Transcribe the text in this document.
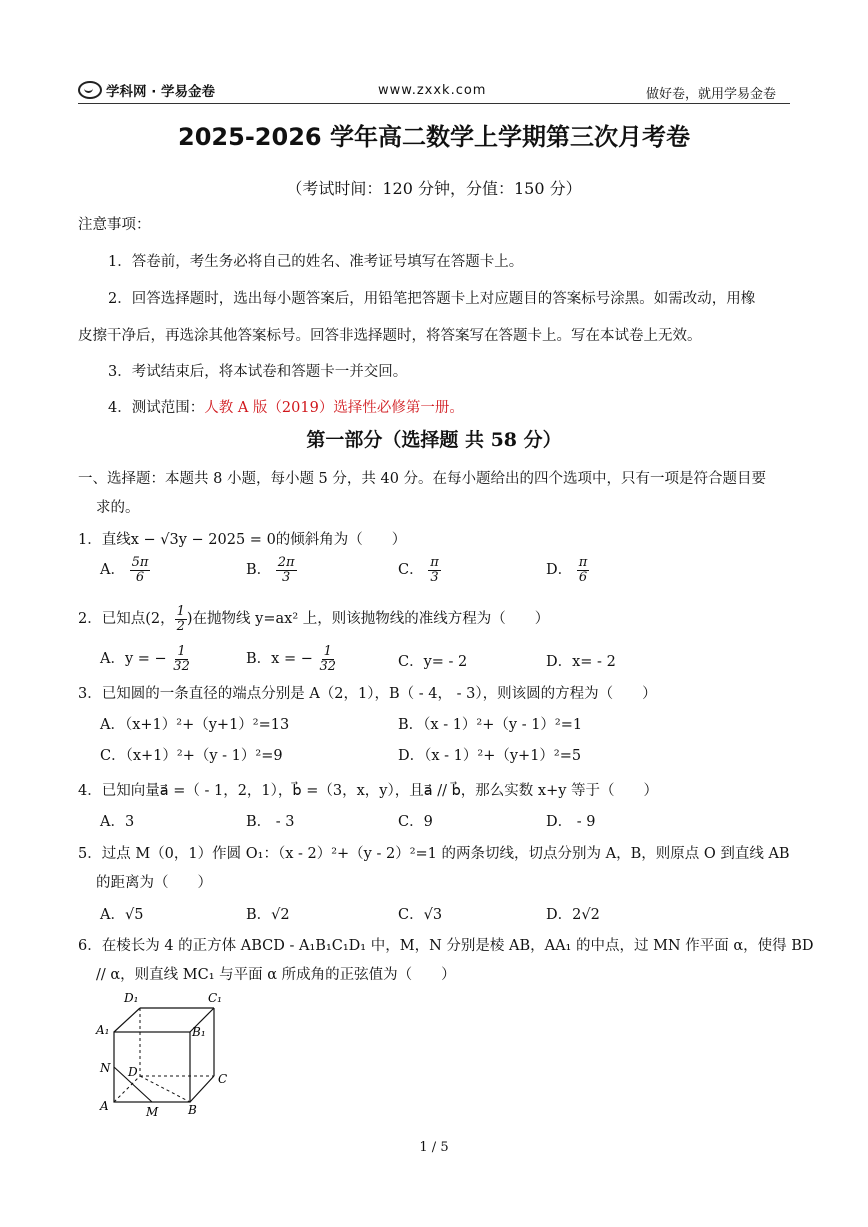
学科网 · 学易金卷	www.zxxk.com	做好卷，就用学易金卷
2025-2026 学年高二数学上学期第三次月考卷
（考试时间：120 分钟，分值：150 分）
注意事项：
1．答卷前，考生务必将自己的姓名、准考证号填写在答题卡上。
2．回答选择题时，选出每小题答案后，用铅笔把答题卡上对应题目的答案标号涂黑。如需改动，用橡
皮擦干净后，再选涂其他答案标号。回答非选择题时，将答案写在答题卡上。写在本试卷上无效。
3．考试结束后，将本试卷和答题卡一并交回。
4．测试范围：人教 A 版（2019）选择性必修第一册。
第一部分（选择题 共 58 分）
一、选择题：本题共 8 小题，每小题 5 分，共 40 分。在每小题给出的四个选项中，只有一项是符合题目要
求的。
1．直线x − √3y − 2025 = 0的倾斜角为（　　）
A． $\frac{5\pi}{6}$	B． $\frac{2\pi}{3}$	C． $\frac{\pi}{3}$	D． $\frac{\pi}{6}$
2．已知点(2， $\frac{1}{2}$ )在抛物线 y=ax² 上，则该抛物线的准线方程为（　　）
A．y = − $\frac{1}{32}$	B．x = − $\frac{1}{32}$	C．y= - 2	D．x= - 2
3．已知圆的一条直径的端点分别是 A（2，1），B（ - 4， - 3），则该圆的方程为（　　）
A．（x+1）²+（y+1）²=13	B．（x - 1）²+（y - 1）²=1
C．（x+1）²+（y - 1）²=9	D．（x - 1）²+（y+1）²=5
4．已知向量a⃗ =（ - 1，2，1），b⃗ =（3，x，y），且a⃗ // b⃗，那么实数 x+y 等于（　　）
A．3	B． - 3	C．9	D． - 9
5．过点 M（0，1）作圆 O₁：（x - 2）²+（y - 2）²=1 的两条切线，切点分别为 A，B，则原点 O 到直线 AB
的距离为（　　）
A．√5	B．√2	C．√3	D．2√2
6．在棱长为 4 的正方体 ABCD - A₁B₁C₁D₁ 中，M，N 分别是棱 AB，AA₁ 的中点，过 MN 作平面 α，使得 BD
// α，则直线 MC₁ 与平面 α 所成角的正弦值为（　　）
D₁	C₁
A₁	B₁
N D	C
A	M B
1 / 5
